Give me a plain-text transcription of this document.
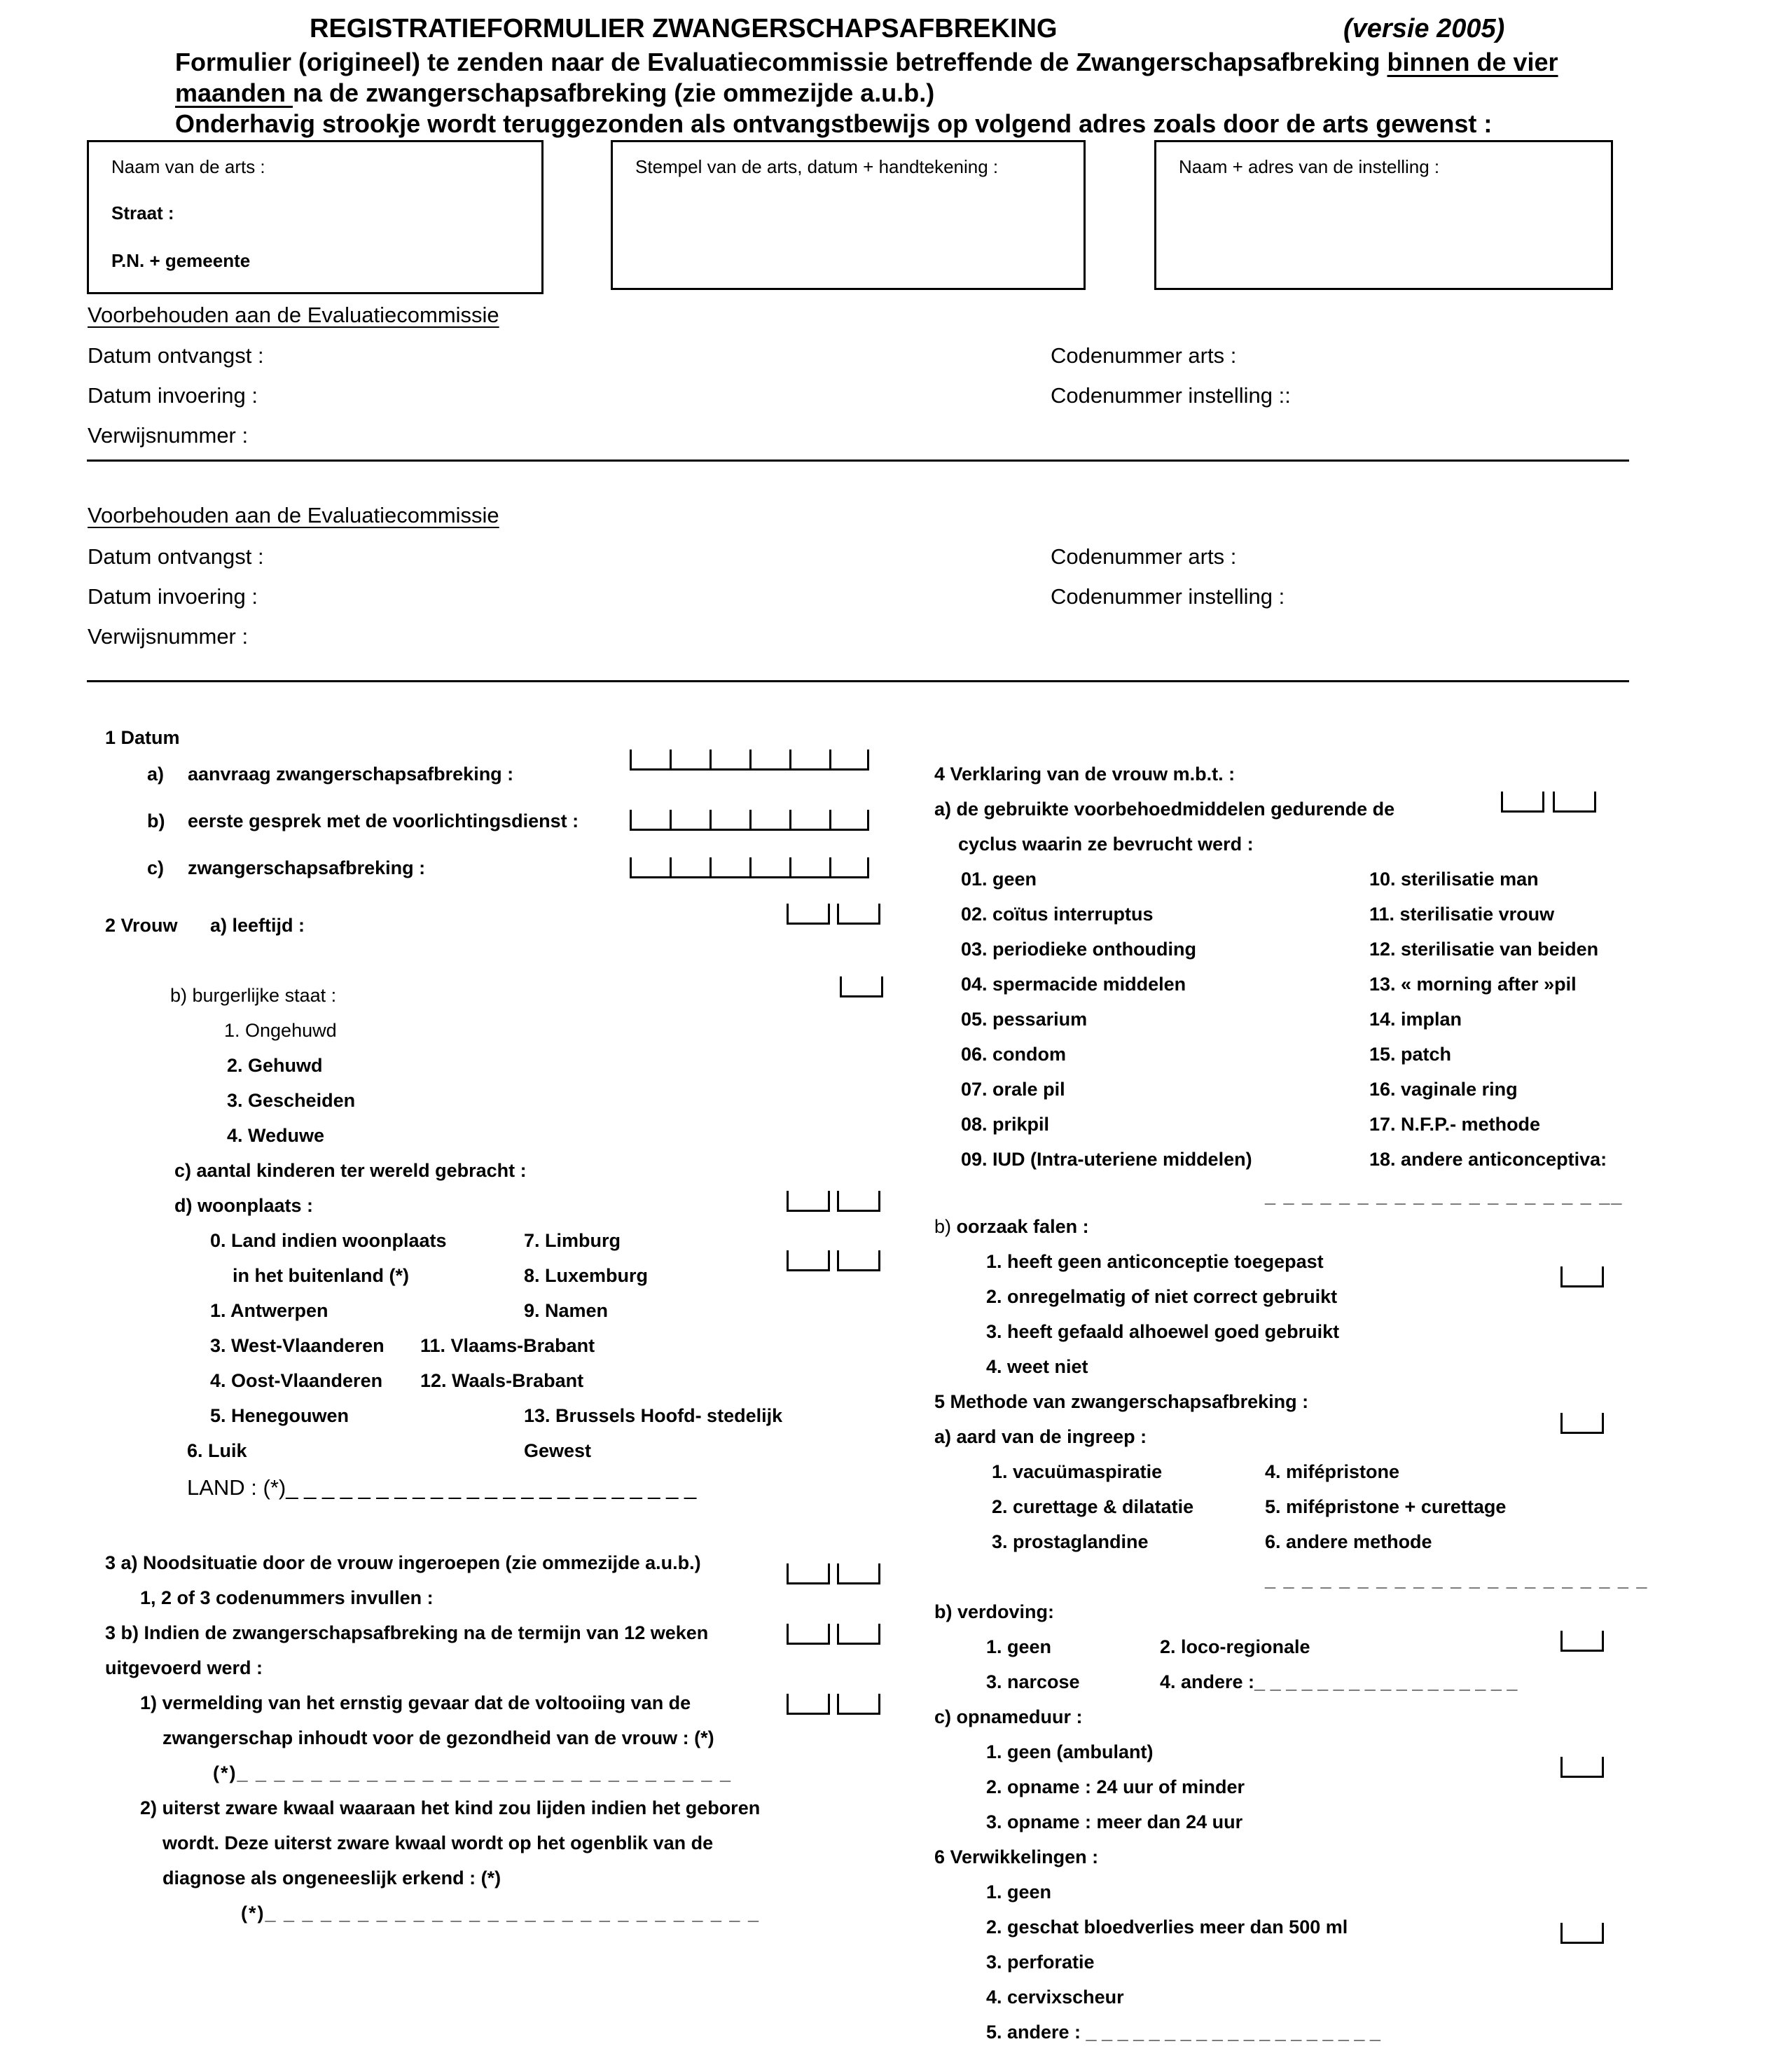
REGISTRATIEFORMULIER ZWANGERSCHAPSAFBREKING	(versie 2005)
Formulier (origineel) te zenden naar de Evaluatiecommissie betreffende de Zwangerschapsafbreking binnen de vier
maanden na de zwangerschapsafbreking (zie ommezijde a.u.b.)
Onderhavig strookje wordt teruggezonden als ontvangstbewijs op volgend adres zoals door de arts gewenst :
Naam van de arts :
Straat :
P.N. + gemeente
Stempel van de arts, datum + handtekening :	Naam + adres van de instelling :
Voorbehouden aan de Evaluatiecommissie
Datum ontvangst :
Datum invoering :
Verwijsnummer :
Codenummer arts :
Codenummer instelling ::
Voorbehouden aan de Evaluatiecommissie
Datum ontvangst :
Datum invoering :
Verwijsnummer :
Codenummer arts :
Codenummer instelling :
1 Datum
a) aanvraag zwangerschapsafbreking :
b) eerste gesprek met de voorlichtingsdienst :
c) zwangerschapsafbreking :
2 Vrouw a) leeftijd :
b) burgerlijke staat :
1. Ongehuwd
2. Gehuwd
3. Gescheiden
4. Weduwe
c) aantal kinderen ter wereld gebracht :
d) woonplaats :
0. Land indien woonplaats
in het buitenland (*)
1. Antwerpen
3. West-Vlaanderen
4. Oost-Vlaanderen
5. Henegouwen
6. Luik
7. Limburg
8. Luxemburg
9. Namen
11. Vlaams-Brabant
12. Waals-Brabant
13. Brussels Hoofd- stedelijk
Gewest
LAND : (*)_ _ _ _ _ _ _ _ _ _ _ _ _ _ _ _ _ _ _ _ _ _ _
3 a) Noodsituatie door de vrouw ingeroepen (zie ommezijde a.u.b.)
1, 2 of 3 codenummers invullen :
3 b) Indien de zwangerschapsafbreking na de termijn van 12 weken
uitgevoerd werd :
1) vermelding van het ernstig gevaar dat de voltooiing van de
zwangerschap inhoudt voor de gezondheid van de vrouw : (*)
(*)_ _ _ _ _ _ _ _ _ _ _ _ _ _ _ _ _ _ _ _ _ _ _ _ _ _ _
2) uiterst zware kwaal waaraan het kind zou lijden indien het geboren
wordt. Deze uiterst zware kwaal wordt op het ogenblik van de
diagnose als ongeneeslijk erkend : (*)
(*)_ _ _ _ _ _ _ _ _ _ _ _ _ _ _ _ _ _ _ _ _ _ _ _ _ _ _
4 Verklaring van de vrouw m.b.t. :
a) de gebruikte voorbehoedmiddelen gedurende de
cyclus waarin ze bevrucht werd :
01. geen
02. coïtus interruptus
03. periodieke onthouding
04. spermacide middelen
05. pessarium
06. condom
07. orale pil
08. prikpil
09. IUD (Intra-uteriene middelen)
10. sterilisatie man
11. sterilisatie vrouw
12. sterilisatie van beiden
13. « morning after »pil
14. implan
15. patch
16. vaginale ring
17. N.F.P.- methode
18. andere anticonceptiva:
_ _ _ _ _ _ _ _ _ _ _ _ _ _ _ _ _ _ __
b) oorzaak falen :
1. heeft geen anticonceptie toegepast
2. onregelmatig of niet correct gebruikt
3. heeft gefaald alhoewel goed gebruikt
4. weet niet
5 Methode van zwangerschapsafbreking :
a) aard van de ingreep :
1. vacuümaspiratie
2. curettage & dilatatie
3. prostaglandine
4. mifépristone
5. mifépristone + curettage
6. andere methode
_ _ _ _ _ _ _ _ _ _ _ _ _ _ _ _ _ _ _ _ _
b) verdoving:
1. geen	2. loco-regionale
3. narcose	4. andere :_ _ _ _ _ _ _ _ _ _ _ _ _ _ _ _ _
c) opnameduur :
1. geen (ambulant)
2. opname : 24 uur of minder
3. opname : meer dan 24 uur
6 Verwikkelingen :
1. geen
2. geschat bloedverlies meer dan 500 ml
3. perforatie
4. cervixscheur
5. andere : _ _ _ _ _ _ _ _ _ _ _ _ _ _ _ _ _ _ _
